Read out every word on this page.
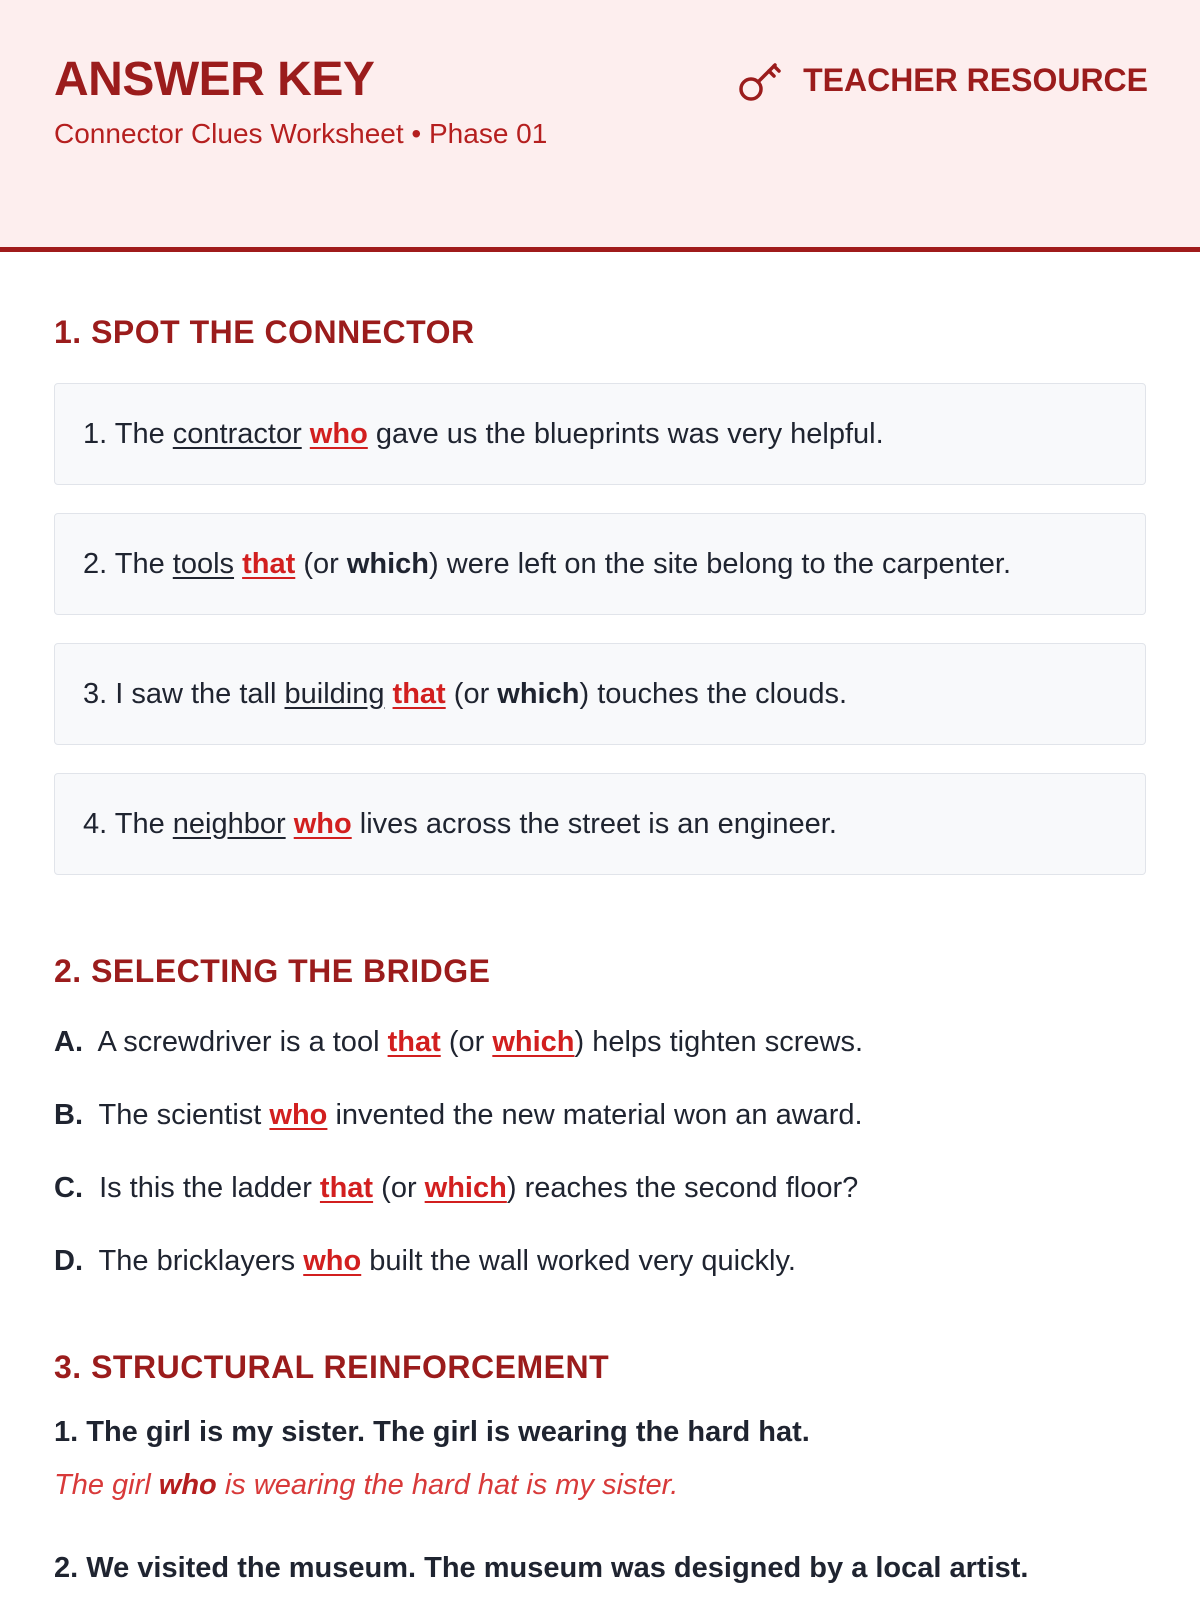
ANSWER KEY
Connector Clues Worksheet • Phase 01
TEACHER RESOURCE
1. SPOT THE CONNECTOR
1. The contractor who gave us the blueprints was very helpful.
2. The tools that (or which) were left on the site belong to the carpenter.
3. I saw the tall building that (or which) touches the clouds.
4. The neighbor who lives across the street is an engineer.
2. SELECTING THE BRIDGE
A. A screwdriver is a tool that (or which) helps tighten screws.
B. The scientist who invented the new material won an award.
C. Is this the ladder that (or which) reaches the second floor?
D. The bricklayers who built the wall worked very quickly.
3. STRUCTURAL REINFORCEMENT
1. The girl is my sister. The girl is wearing the hard hat.
The girl who is wearing the hard hat is my sister.
2. We visited the museum. The museum was designed by a local artist.
